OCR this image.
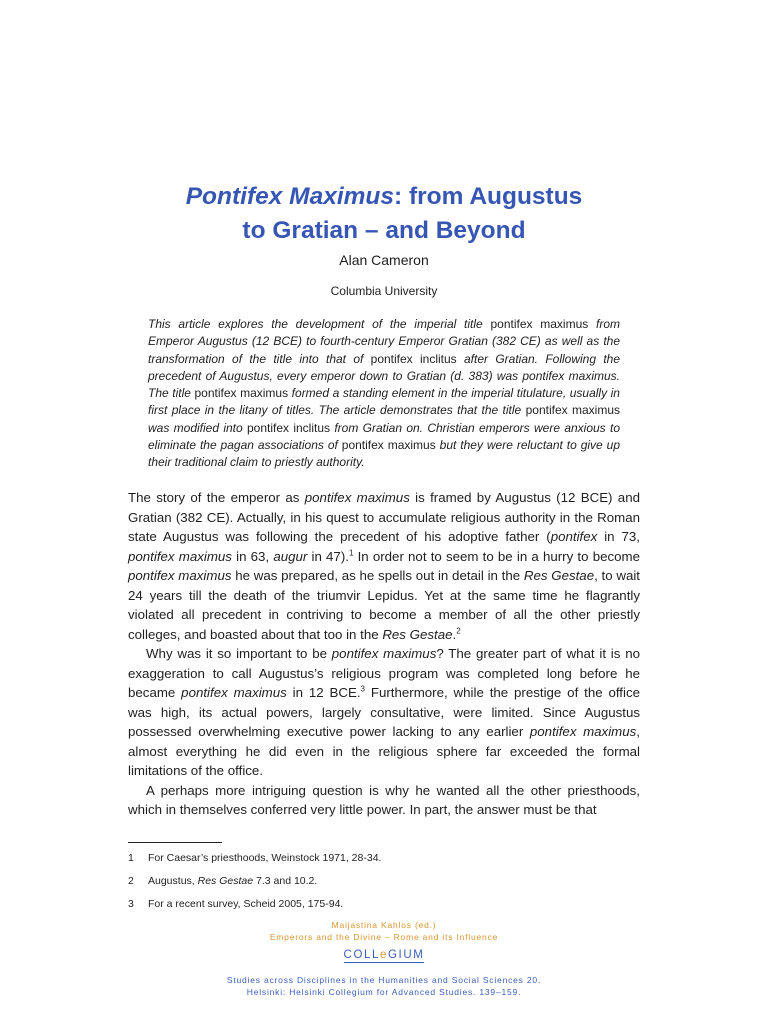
Pontifex Maximus: from Augustus
to Gratian – and Beyond
Alan Cameron
Columbia University

This article explores the development of the imperial title pontifex maximus from Emperor Augustus (12 BCE) to fourth-century Emperor Gratian (382 CE) as well as the transformation of the title into that of pontifex inclitus after Gratian. Following the precedent of Augustus, every emperor down to Gratian (d. 383) was pontifex maximus. The title pontifex maximus formed a standing element in the imperial titulature, usually in first place in the litany of titles. The article demonstrates that the title pontifex maximus was modified into pontifex inclitus from Gratian on. Christian emperors were anxious to eliminate the pagan associations of pontifex maximus but they were reluctant to give up their traditional claim to priestly authority.

The story of the emperor as pontifex maximus is framed by Augustus (12 BCE) and Gratian (382 CE). Actually, in his quest to accumulate religious authority in the Roman state Augustus was following the precedent of his adoptive father (pontifex in 73, pontifex maximus in 63, augur in 47).$^1$ In order not to seem to be in a hurry to become pontifex maximus he was prepared, as he spells out in detail in the Res Gestae, to wait 24 years till the death of the triumvir Lepidus. Yet at the same time he flagrantly violated all precedent in contriving to become a member of all the other priestly colleges, and boasted about that too in the Res Gestae.$^2$

Why was it so important to be pontifex maximus? The greater part of what it is no exaggeration to call Augustus’s religious program was completed long before he became pontifex maximus in 12 BCE.$^3$ Furthermore, while the prestige of the office was high, its actual powers, largely consultative, were limited. Since Augustus possessed overwhelming executive power lacking to any earlier pontifex maximus, almost everything he did even in the religious sphere far exceeded the formal limitations of the office.

A perhaps more intriguing question is why he wanted all the other priesthoods, which in themselves conferred very little power. In part, the answer must be that

1 For Caesar’s priesthoods, Weinstock 1971, 28-34.
2 Augustus, Res Gestae 7.3 and 10.2.
3 For a recent survey, Scheid 2005, 175-94.
Maijastina Kahlos (ed.)
Emperors and the Divine – Rome and its Influence
COLLeGIUM
Studies across Disciplines in the Humanities and Social Sciences 20.
Helsinki: Helsinki Collegium for Advanced Studies. 139–159.
